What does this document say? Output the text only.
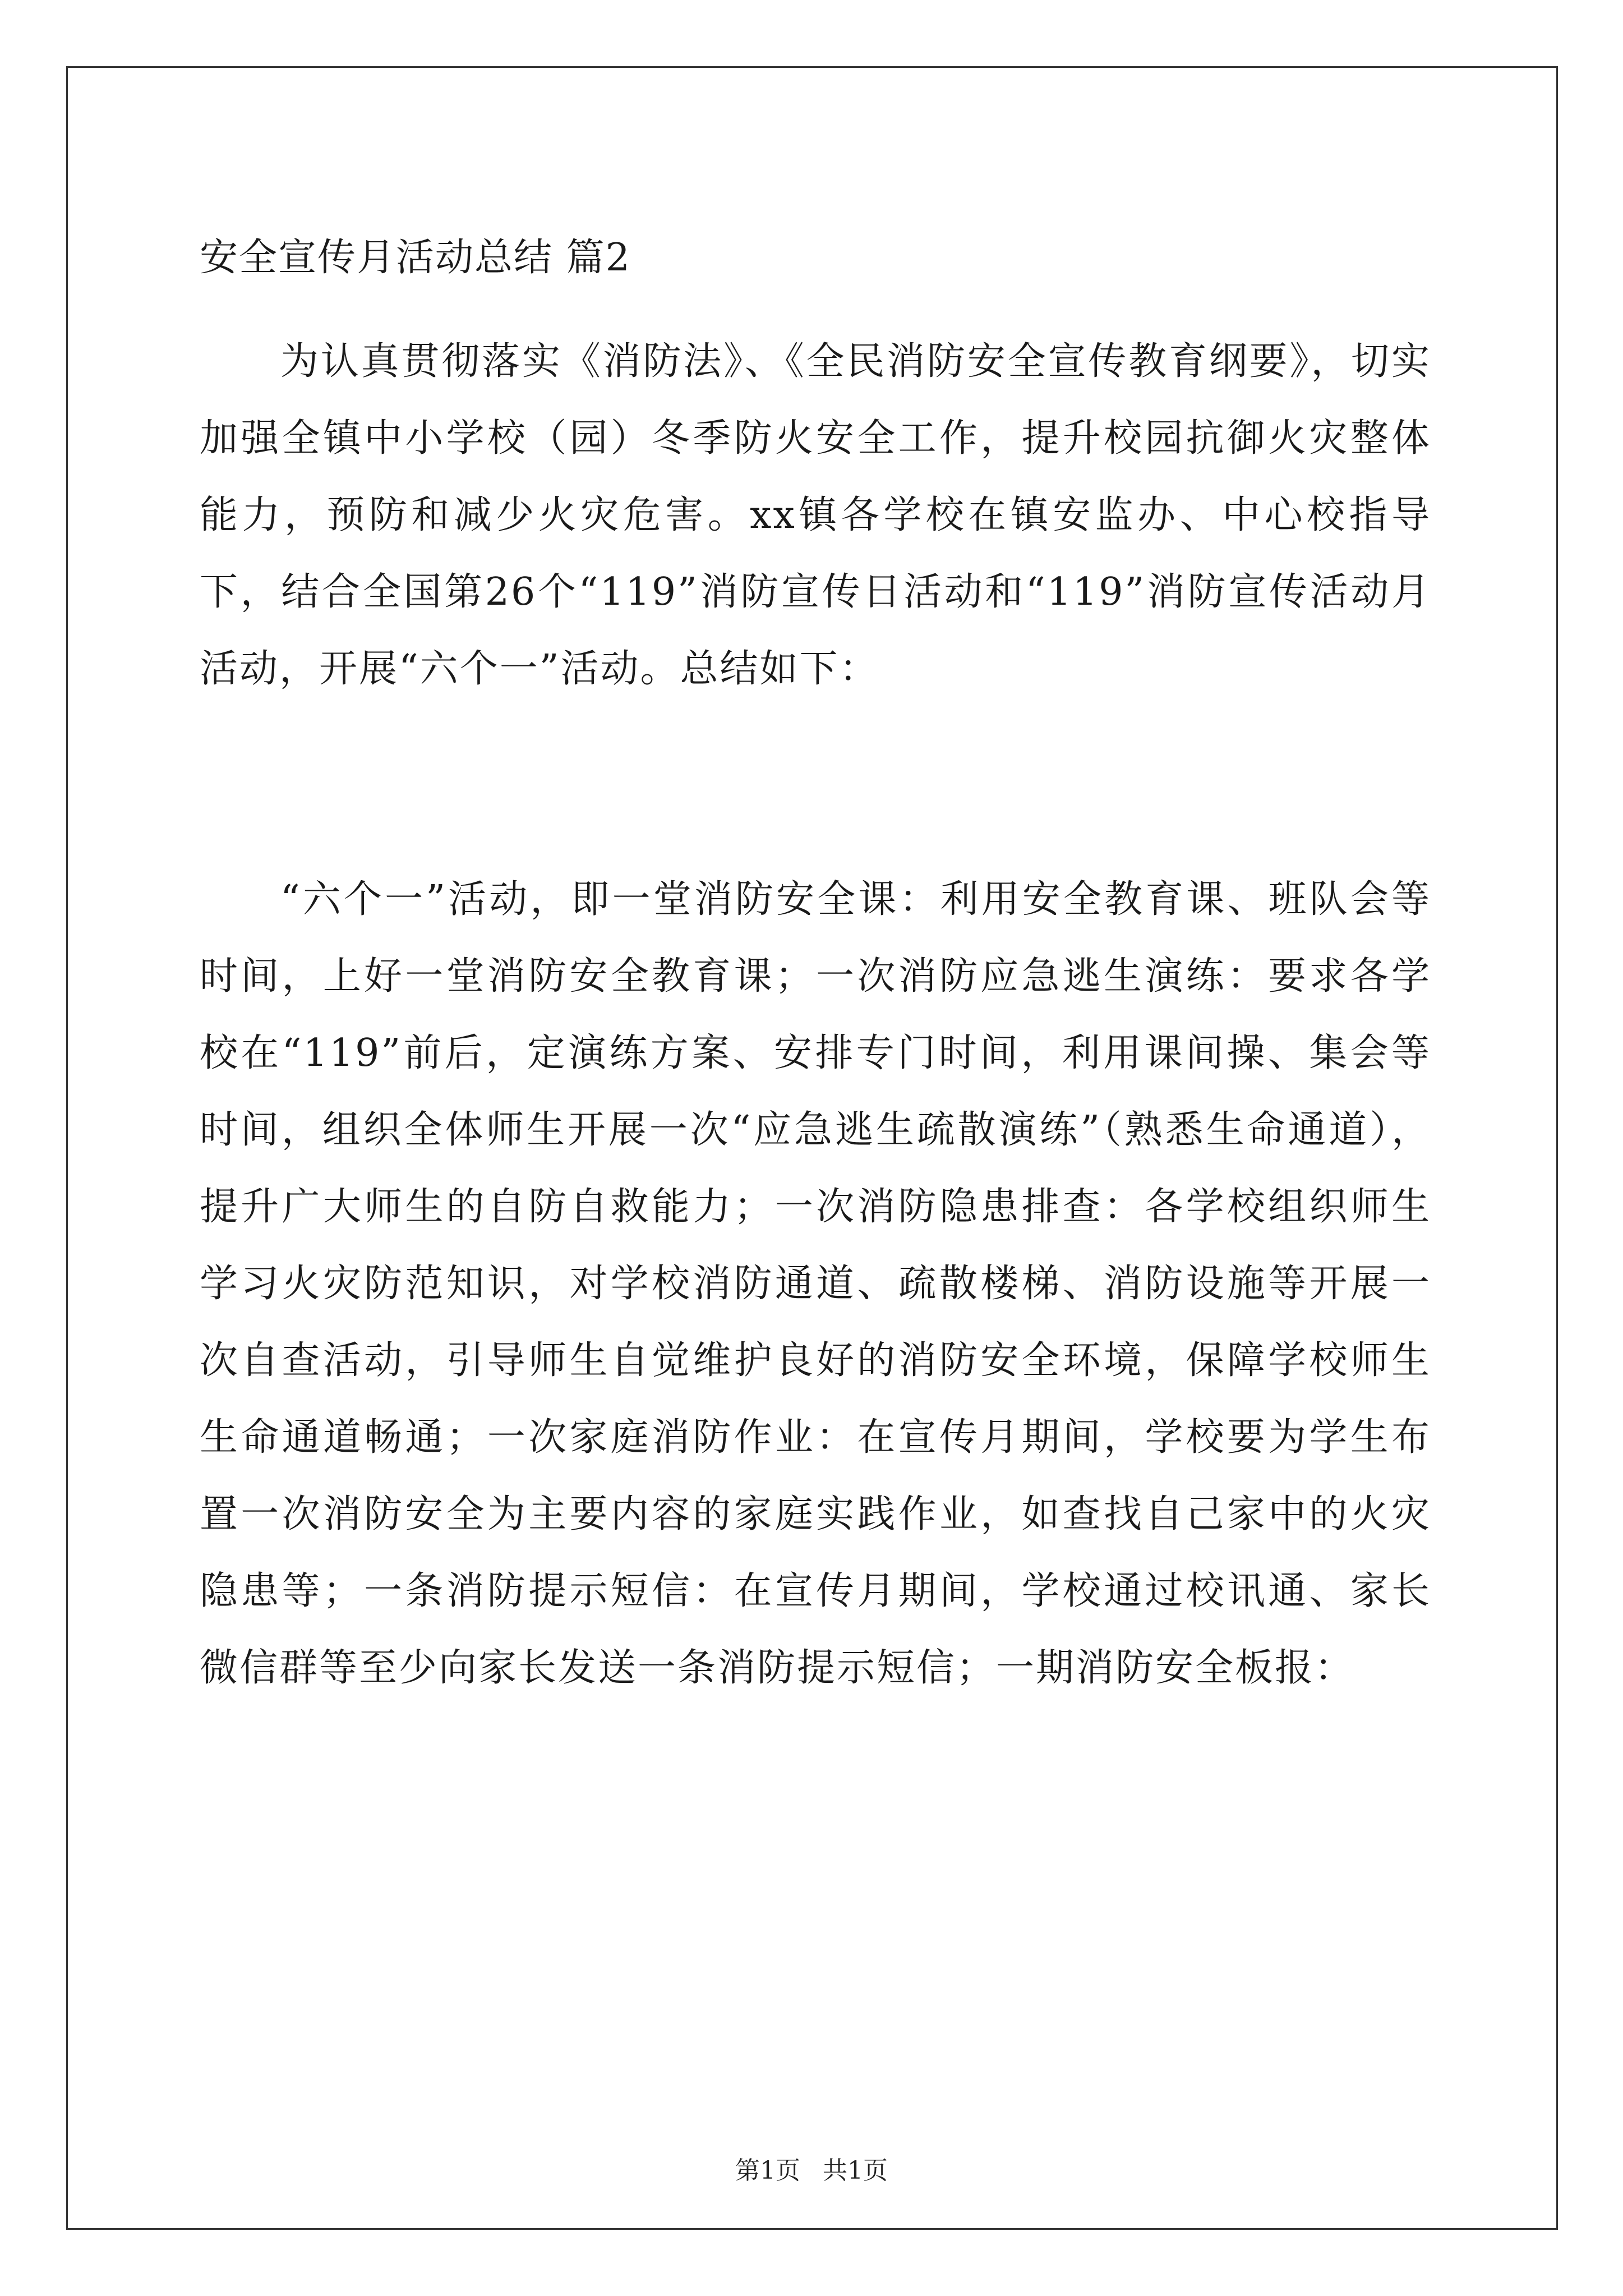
安全宣传月活动总结 篇2

为认真贯彻落实《消防法》、《全民消防安全宣传教育纲要》，切实加强全镇中小学校（园）冬季防火安全工作，提升校园抗御火灾整体能力，预防和减少火灾危害。xx镇各学校在镇安监办、中心校指导下，结合全国第26个“119”消防宣传日活动和“119”消防宣传活动月活动，开展“六个一”活动。总结如下：

“六个一”活动，即一堂消防安全课：利用安全教育课、班队会等时间，上好一堂消防安全教育课；一次消防应急逃生演练：要求各学校在“119”前后，定演练方案、安排专门时间，利用课间操、集会等时间，组织全体师生开展一次“应急逃生疏散演练”（熟悉生命通道），提升广大师生的自防自救能力；一次消防隐患排查：各学校组织师生学习火灾防范知识，对学校消防通道、疏散楼梯、消防设施等开展一次自查活动，引导师生自觉维护良好的消防安全环境，保障学校师生生命通道畅通；一次家庭消防作业：在宣传月期间，学校要为学生布置一次消防安全为主要内容的家庭实践作业，如查找自己家中的火灾隐患等；一条消防提示短信：在宣传月期间，学校通过校讯通、家长微信群等至少向家长发送一条消防提示短信；一期消防安全板报：

第1页 共1页
